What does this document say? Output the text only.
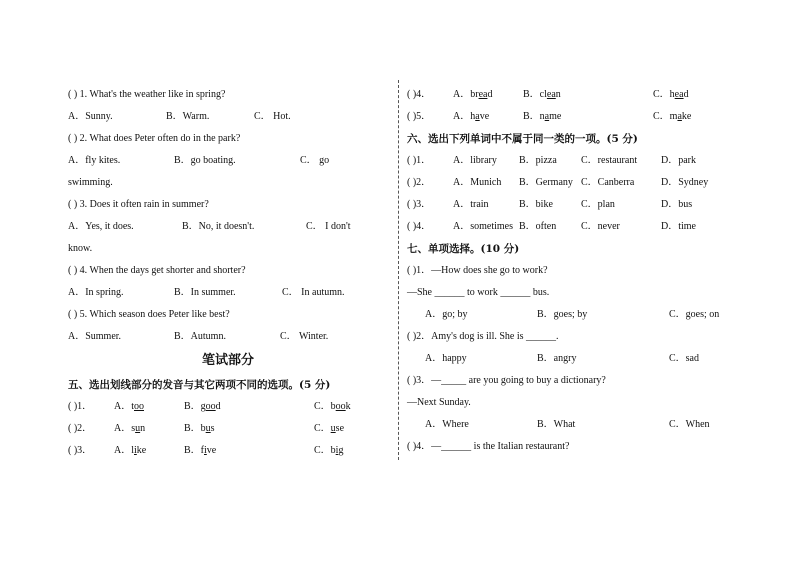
( ) 1. What's the weather like in spring?
A．Sunny.	B．Warm.	C． Hot.
( ) 2. What does Peter often do in the park?
A．fly kites.	B．go boating.	C． go
swimming.
( ) 3. Does it often rain in summer?
A．Yes, it does.	B．No, it doesn't.	C． I don't
know.
( ) 4. When the days get shorter and shorter?
A．In spring.	B．In summer.	C． In autumn.
( ) 5. Which season does Peter like best?
A．Summer.	B．Autumn.	C． Winter.
笔试部分
五、选出划线部分的发音与其它两项不同的选项。(5 分)
( )1． A．too	B．good	C．book
( )2． A．sun	B．bus	C．use
( )3． A．like	B．five	C．big
( )4． A．bread	B．clean	C．head
( )5． A．have	B．name	C．make
六、选出下列单词中不属于同一类的一项。(5 分)
( )1． A．library B．pizza C．restaurant D．park
( )2． A．Munich B．Germany C．Canberra	D．Sydney
( )3． A．train	B．bike	C．plan	D．bus
( )4． A．sometimes B．often C．never	D．time
七、单项选择。(10 分)
( )1．—How does she go to work?
—She ______ to work ______ bus.
A．go; by	B．goes; by	C．goes; on
( )2．Amy's dog is ill. She is ______.
A．happy	B．angry	C．sad
( )3．—_____ are you going to buy a dictionary?
—Next Sunday.
A．Where	B．What	C．When
( )4．—______ is the Italian restaurant?
